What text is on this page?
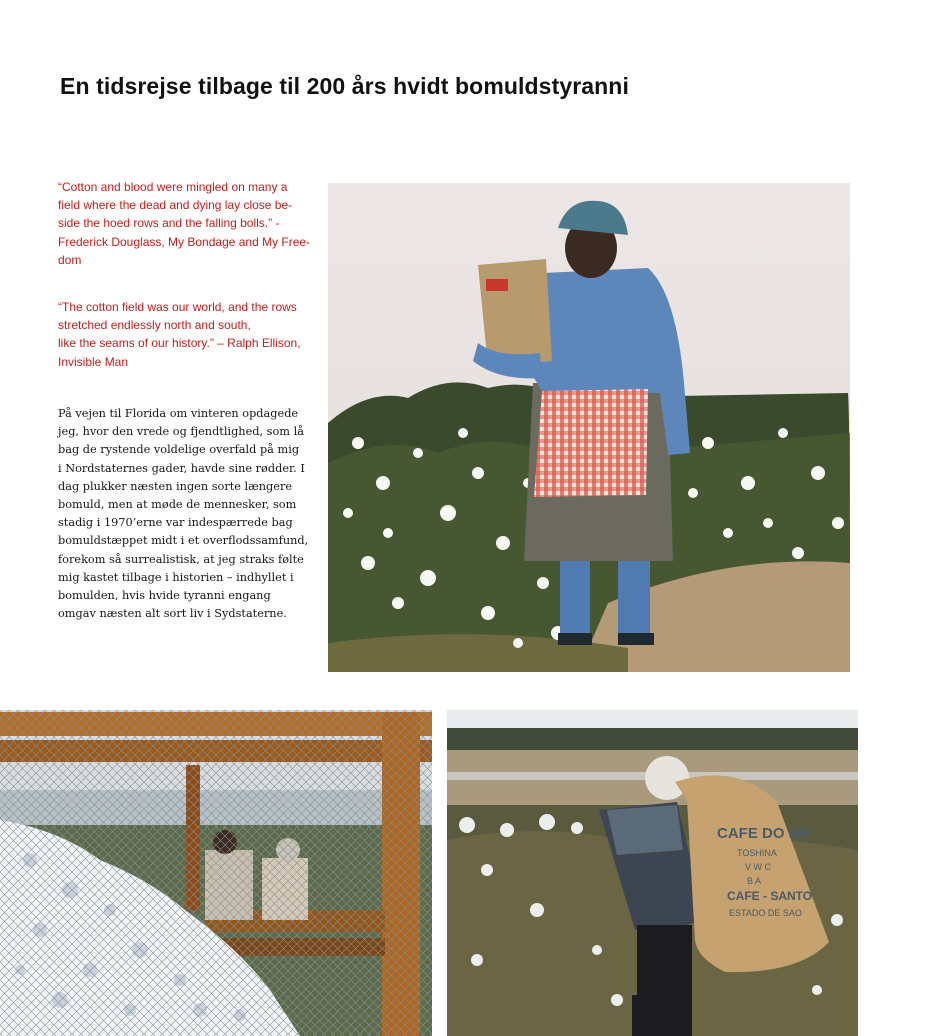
En tidsrejse tilbage til 200 års hvidt bomuldstyranni
“Cotton and blood were mingled on many a
field where the dead and dying lay close be-
side the hoed rows and the falling bolls.” -
Frederick Douglass, My Bondage and My Free-
dom
“The cotton field was our world, and the rows
stretched endlessly north and south,
like the seams of our history.” – Ralph Ellison,
Invisible Man
På vejen til Florida om vinteren opdagede
jeg, hvor den vrede og fjendtlighed, som lå
bag de rystende voldelige overfald på mig
i Nordstaternes gader, havde sine rødder. I
dag plukker næsten ingen sorte længere
bomuld, men at møde de mennesker, som
stadig i 1970’erne var indespærrede bag
bomuldstæppet midt i et overflodssamfund,
forekom så surrealistisk, at jeg straks følte
mig kastet tilbage i historien – indhyllet i
bomulden, hvis hvide tyranni engang
omgav næsten alt sort liv i Sydstaterne.
CAFE DO BR
TOSHINA
V W C
B A
CAFE - SANTO
ESTADO DE SAO
